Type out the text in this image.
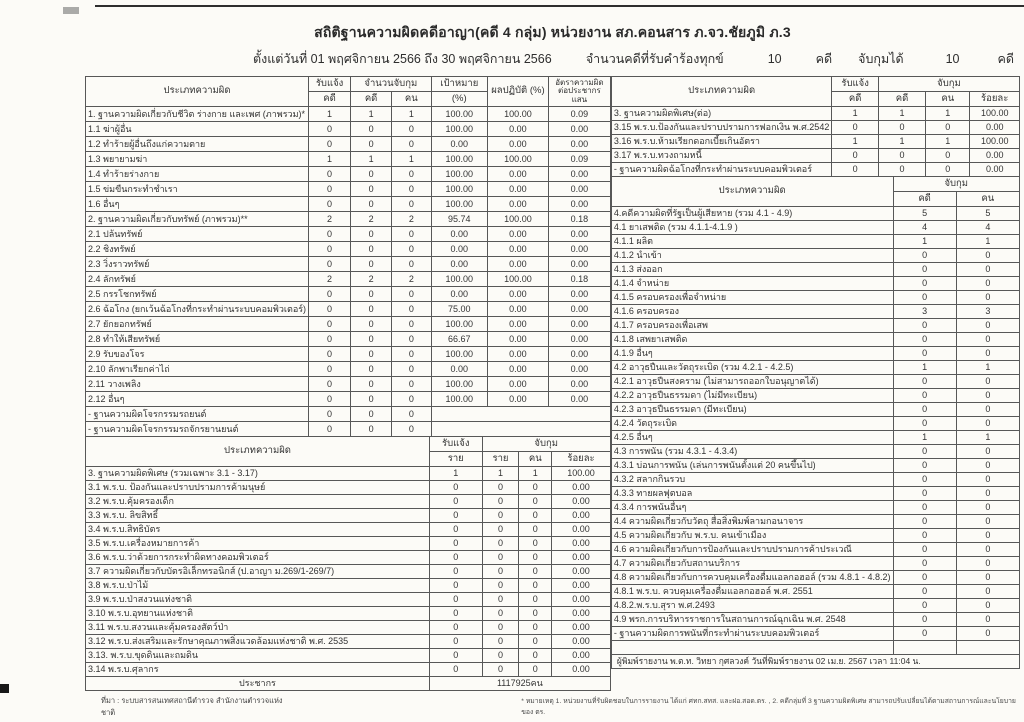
สถิติฐานความผิดคดีอาญา(คดี 4 กลุ่ม) หน่วยงาน สภ.คอนสาร ภ.จว.ชัยภูมิ ภ.3
ตั้งแต่วันที่ 01 พฤศจิกายน 2566 ถึง 30 พฤศจิกายน 2566	จำนวนคดีที่รับคำร้องทุกข์	10	คดี จับกุมได้	10	คดี
ประเภทความผิด	รับแจ้ง	จำนวนจับกุม		เป้าหมาย	ผลปฏิบัติ (%)	อัตราความผิด
ต่อประชากรแสน
	คดี	คดี	คน	(%)		
1. ฐานความผิดเกี่ยวกับชีวิต ร่างกาย และเพศ (ภาพรวม)*	1	1	1	100.00	100.00	0.09
1.1 ฆ่าผู้อื่น	0	0	0	100.00	0.00	0.00
1.2 ทำร้ายผู้อื่นถึงแก่ความตาย	0	0	0	0.00	0.00	0.00
1.3 พยายามฆ่า	1	1	1	100.00	100.00	0.09
1.4 ทำร้ายร่างกาย	0	0	0	100.00	0.00	0.00
1.5 ข่มขืนกระทำชำเรา	0	0	0	100.00	0.00	0.00
1.6 อื่นๆ	0	0	0	100.00	0.00	0.00
2. ฐานความผิดเกี่ยวกับทรัพย์ (ภาพรวม)**	2	2	2	95.74	100.00	0.18
2.1 ปล้นทรัพย์	0	0	0	0.00	0.00	0.00
2.2 ชิงทรัพย์	0	0	0	0.00	0.00	0.00
2.3 วิ่งราวทรัพย์	0	0	0	0.00	0.00	0.00
2.4 ลักทรัพย์	2	2	2	100.00	100.00	0.18
2.5 กรรโชกทรัพย์	0	0	0	0.00	0.00	0.00
2.6 ฉ้อโกง (ยกเว้นฉ้อโกงที่กระทำผ่านระบบคอมพิวเตอร์)	0	0	0	75.00	0.00	0.00
2.7 ยักยอกทรัพย์	0	0	0	100.00	0.00	0.00
2.8 ทำให้เสียทรัพย์	0	0	0	66.67	0.00	0.00
2.9 รับของโจร	0	0	0	100.00	0.00	0.00
2.10 ลักพาเรียกค่าไถ่	0	0	0	0.00	0.00	0.00
2.11 วางเพลิง	0	0	0	100.00	0.00	0.00
2.12 อื่นๆ	0	0	0	100.00	0.00	0.00
- ฐานความผิดโจรกรรมรถยนต์	0	0	0			
- ฐานความผิดโจรกรรมรถจักรยานยนต์	0	0	0			
ประเภทความผิด	รับแจ้ง	จับกุม		
	ราย	ราย	คน	ร้อยละ
3. ฐานความผิดพิเศษ (รวมเฉพาะ 3.1 - 3.17)	1	1	1	100.00
3.1 พ.ร.บ. ป้องกันและปราบปรามการค้ามนุษย์	0	0	0	0.00
3.2 พ.ร.บ.คุ้มครองเด็ก	0	0	0	0.00
3.3 พ.ร.บ. ลิขสิทธิ์	0	0	0	0.00
3.4 พ.ร.บ.สิทธิบัตร	0	0	0	0.00
3.5 พ.ร.บ.เครื่องหมายการค้า	0	0	0	0.00
3.6 พ.ร.บ.ว่าด้วยการกระทำผิดทางคอมพิวเตอร์	0	0	0	0.00
3.7 ความผิดเกี่ยวกับบัตรอิเล็กทรอนิกส์ (ป.อาญา ม.269/1-269/7)	0	0	0	0.00
3.8 พ.ร.บ.ป่าไม้	0	0	0	0.00
3.9 พ.ร.บ.ป่าสงวนแห่งชาติ	0	0	0	0.00
3.10 พ.ร.บ.อุทยานแห่งชาติ	0	0	0	0.00
3.11 พ.ร.บ.สงวนและคุ้มครองสัตว์ป่า	0	0	0	0.00
3.12 พ.ร.บ.ส่งเสริมและรักษาคุณภาพสิ่งแวดล้อมแห่งชาติ พ.ศ. 2535	0	0	0	0.00
3.13. พ.ร.บ.ขุดดินและถมดิน	0	0	0	0.00
3.14 พ.ร.บ.ศุลากร	0	0	0	0.00
ประชากร	1117925คน			
ประเภทความผิด	รับแจ้ง	จับกุม		
	คดี	คดี	คน	ร้อยละ
3. ฐานความผิดพิเศษ(ต่อ)	1	1	1	100.00
3.15 พ.ร.บ.ป้องกันและปราบปรามการฟอกเงิน พ.ศ.2542	0	0	0	0.00
3.16 พ.ร.บ.ห้ามเรียกดอกเบี้ยเกินอัตรา	1	1	1	100.00
3.17 พ.ร.บ.ทวงถามหนี้	0	0	0	0.00
- ฐานความผิดฉ้อโกงที่กระทำผ่านระบบคอมพิวเตอร์	0	0	0	0.00
ประเภทความผิด	จับกุม	
	คดี	คน
4.คดีความผิดที่รัฐเป็นผู้เสียหาย (รวม 4.1 - 4.9)	5	5
4.1 ยาเสพติด (รวม 4.1.1-4.1.9 )	4	4
4.1.1 ผลิต	1	1
4.1.2 นำเข้า	0	0
4.1.3 ส่งออก	0	0
4.1.4 จำหน่าย	0	0
4.1.5 ครอบครองเพื่อจำหน่าย	0	0
4.1.6 ครอบครอง	3	3
4.1.7 ครอบครองเพื่อเสพ	0	0
4.1.8 เสพยาเสพติด	0	0
4.1.9 อื่นๆ	0	0
4.2 อาวุธปืนและวัตถุระเบิด (รวม 4.2.1 - 4.2.5)	1	1
4.2.1 อาวุธปืนสงคราม (ไม่สามารถออกใบอนุญาตได้)	0	0
4.2.2 อาวุธปืนธรรมดา (ไม่มีทะเบียน)	0	0
4.2.3 อาวุธปืนธรรมดา (มีทะเบียน)	0	0
4.2.4 วัตถุระเบิด	0	0
4.2.5 อื่นๆ	1	1
4.3 การพนัน (รวม 4.3.1 - 4.3.4)	0	0
4.3.1 บ่อนการพนัน (เล่นการพนันตั้งแต่ 20 คนขึ้นไป)	0	0
4.3.2 สลากกินรวบ	0	0
4.3.3 ทายผลฟุตบอล	0	0
4.3.4 การพนันอื่นๆ	0	0
4.4 ความผิดเกี่ยวกับวัตถุ สื่อสิ่งพิมพ์ลามกอนาจาร	0	0
4.5 ความผิดเกี่ยวกับ พ.ร.บ. คนเข้าเมือง	0	0
4.6 ความผิดเกี่ยวกับการป้องกันและปราบปรามการค้าประเวณี	0	0
4.7 ความผิดเกี่ยวกับสถานบริการ	0	0
4.8 ความผิดเกี่ยวกับการควบคุมเครื่องดื่มแอลกอฮอล์ (รวม 4.8.1 - 4.8.2)	0	0
4.8.1 พ.ร.บ. ควบคุมเครื่องดื่มแอลกอฮอล์ พ.ศ. 2551	0	0
4.8.2.พ.ร.บ.สุรา พ.ศ.2493	0	0
4.9 พรก.การบริหารราชการในสถานการณ์ฉุกเฉิน พ.ศ. 2548	0	0
- ฐานความผิดการพนันที่กระทำผ่านระบบคอมพิวเตอร์	0	0

ผู้พิมพ์รายงาน พ.ต.ท. วิทยา กุศลวงค์ วันที่พิมพ์รายงาน 02 เม.ย. 2567 เวลา 11:04 น.		
ที่มา : ระบบสารสนเทศสถานีตำรวจ สำนักงานตำรวจแห่งชาติ
* หมายเหตุ 1. หน่วยงานที่รับผิดชอบในการรายงาน ได้แก่ ศทก.สทส. และฝอ.สอด.ตร. , 2. คดีกลุ่มที่ 3 ฐานความผิดพิเศษ สามารถปรับเปลี่ยนได้ตามสถานการณ์และนโยบายของ ตร.
